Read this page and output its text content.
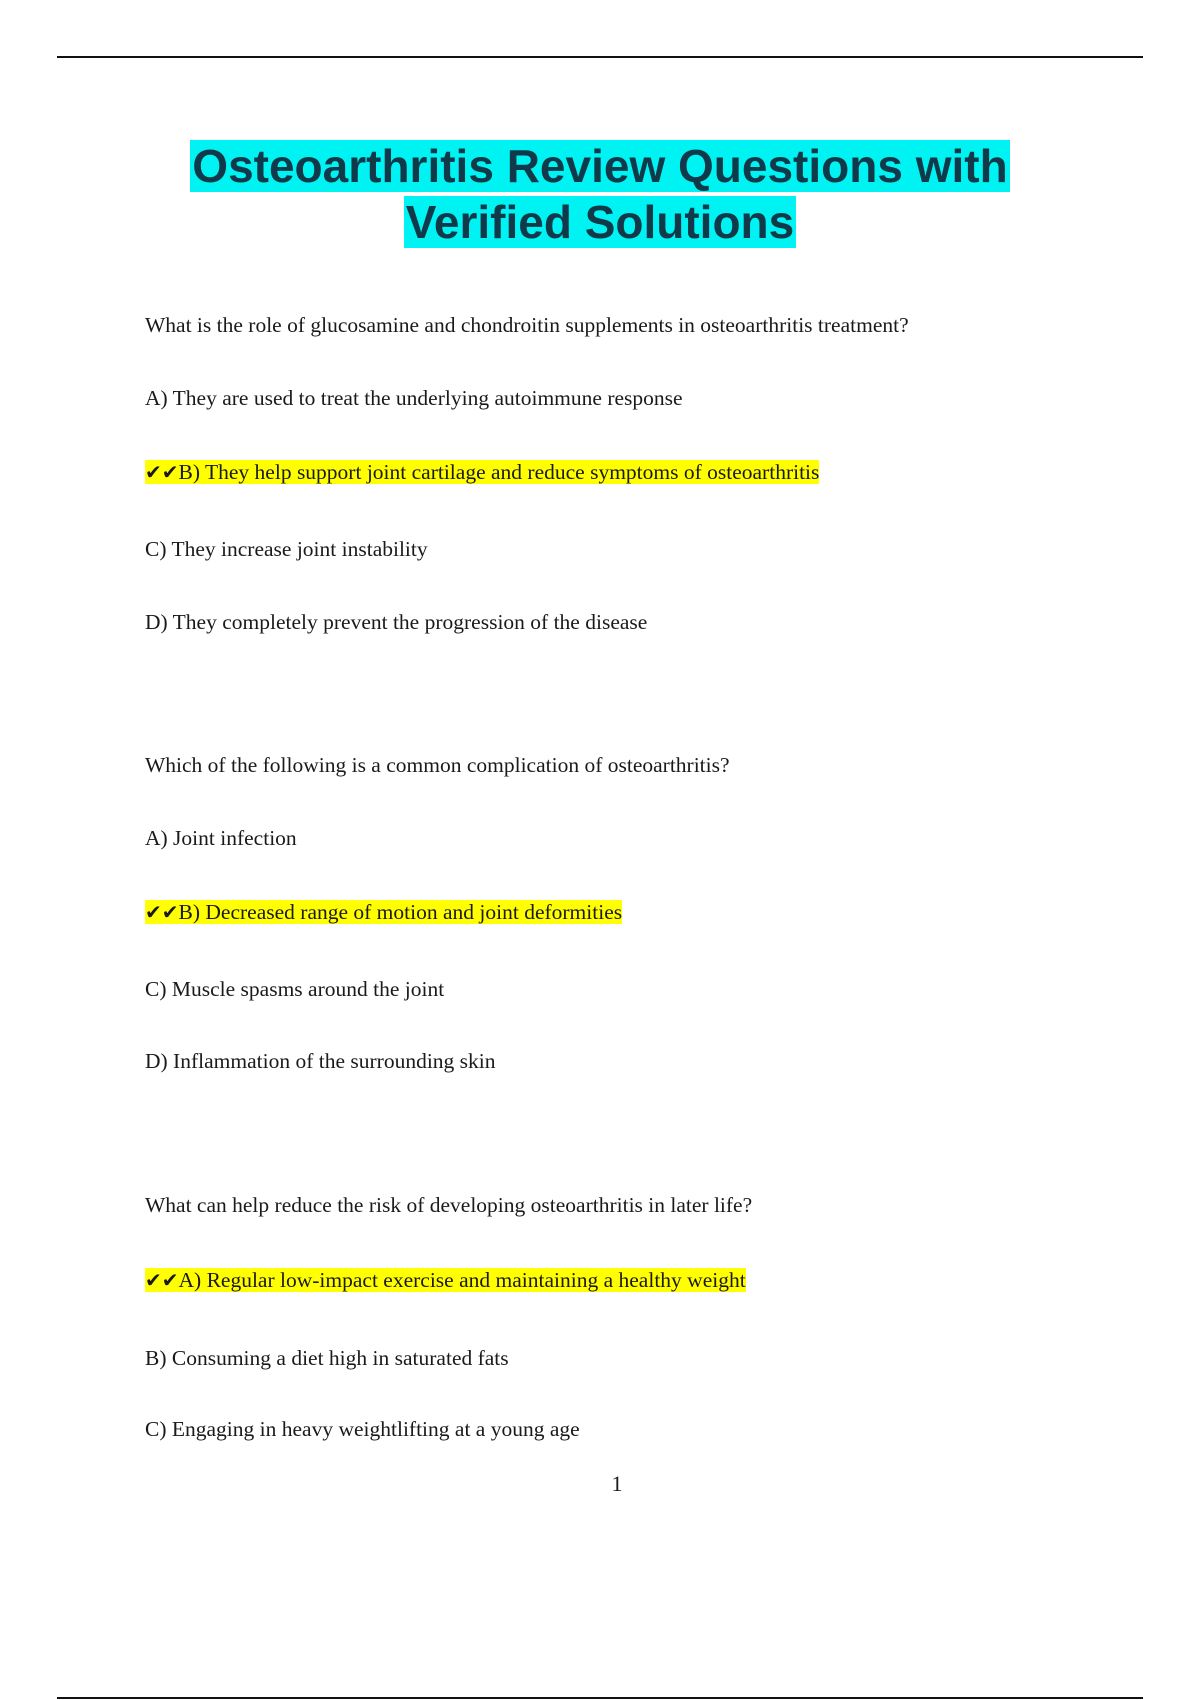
Osteoarthritis Review Questions with
Verified Solutions
What is the role of glucosamine and chondroitin supplements in osteoarthritis treatment?
A) They are used to treat the underlying autoimmune response
✔✔B) They help support joint cartilage and reduce symptoms of osteoarthritis
C) They increase joint instability
D) They completely prevent the progression of the disease
Which of the following is a common complication of osteoarthritis?
A) Joint infection
✔✔B) Decreased range of motion and joint deformities
C) Muscle spasms around the joint
D) Inflammation of the surrounding skin
What can help reduce the risk of developing osteoarthritis in later life?
✔✔A) Regular low-impact exercise and maintaining a healthy weight
B) Consuming a diet high in saturated fats
C) Engaging in heavy weightlifting at a young age
1
